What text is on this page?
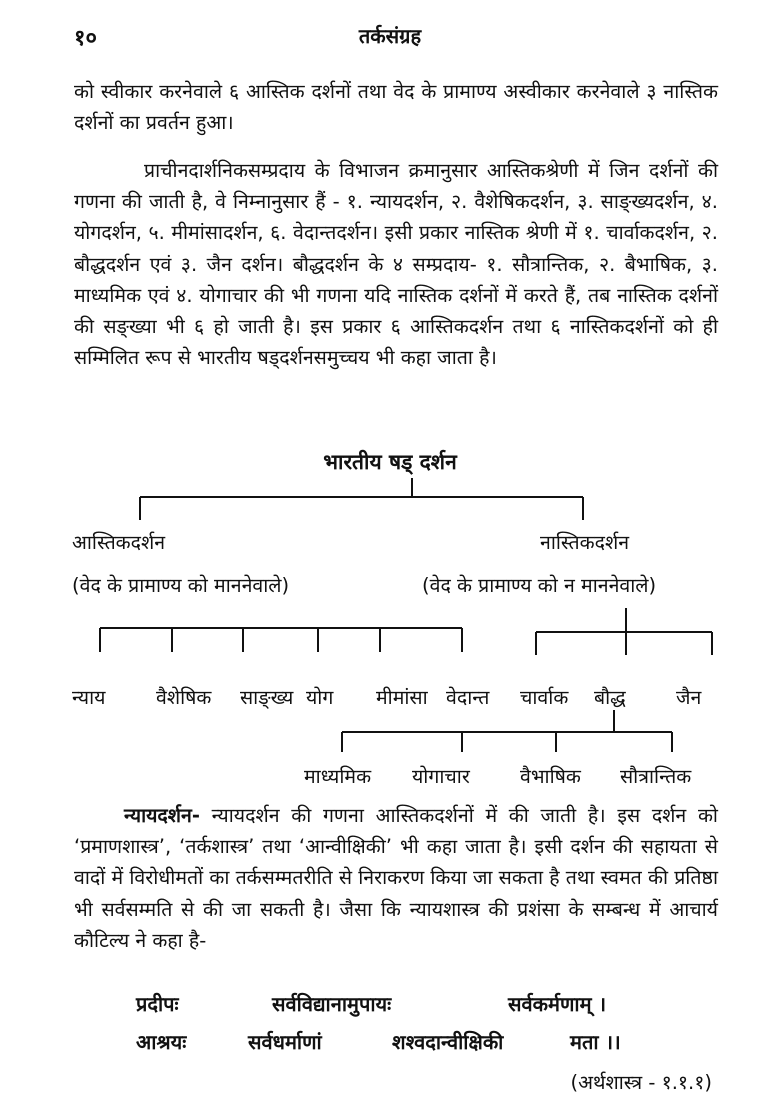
१०	तर्कसंग्रह

को स्वीकार करनेवाले ६ आस्तिक दर्शनों तथा वेद के प्रामाण्य अस्वीकार करनेवाले ३ नास्तिक दर्शनों का प्रवर्तन हुआ।

प्राचीनदार्शनिकसम्प्रदाय के विभाजन क्रमानुसार आस्तिकश्रेणी में जिन दर्शनों की गणना की जाती है, वे निम्नानुसार हैं - १. न्यायदर्शन, २. वैशेषिकदर्शन, ३. साङ्ख्यदर्शन, ४. योगदर्शन, ५. मीमांसादर्शन, ६. वेदान्तदर्शन। इसी प्रकार नास्तिक श्रेणी में १. चार्वाकदर्शन, २. बौद्धदर्शन एवं ३. जैन दर्शन। बौद्धदर्शन के ४ सम्प्रदाय- १. सौत्रान्तिक, २. बैभाषिक, ३. माध्यमिक एवं ४. योगाचार की भी गणना यदि नास्तिक दर्शनों में करते हैं, तब नास्तिक दर्शनों की सङ्ख्या भी ६ हो जाती है। इस प्रकार ६ आस्तिकदर्शन तथा ६ नास्तिकदर्शनों को ही सम्मिलित रूप से भारतीय षड्दर्शनसमुच्चय भी कहा जाता है।

भारतीय षड् दर्शन
आस्तिकदर्शन	नास्तिकदर्शन
(वेद के प्रामाण्य को माननेवाले)	(वेद के प्रामाण्य को न माननेवाले)
न्याय	वैशेषिक साङ्ख्य योग मीमांसा वेदान्त चार्वाक बौद्ध	जैन
माध्यमिक योगाचार	वैभाषिक सौत्रान्तिक

न्यायदर्शन- न्यायदर्शन की गणना आस्तिकदर्शनों में की जाती है। इस दर्शन को ‘प्रमाणशास्त्र’, ‘तर्कशास्त्र’ तथा ‘आन्वीक्षिकी’ भी कहा जाता है। इसी दर्शन की सहायता से वादों में विरोधीमतों का तर्कसम्मतरीति से निराकरण किया जा सकता है तथा स्वमत की प्रतिष्ठा भी सर्वसम्मति से की जा सकती है। जैसा कि न्यायशास्त्र की प्रशंसा के सम्बन्ध में आचार्य कौटिल्य ने कहा है-

प्रदीपः	सर्वविद्यानामुपायः	सर्वकर्मणाम् ।
आश्रयः	सर्वधर्माणां	शश्वदान्वीक्षिकी	मता ।।
(अर्थशास्त्र - १.१.१)
